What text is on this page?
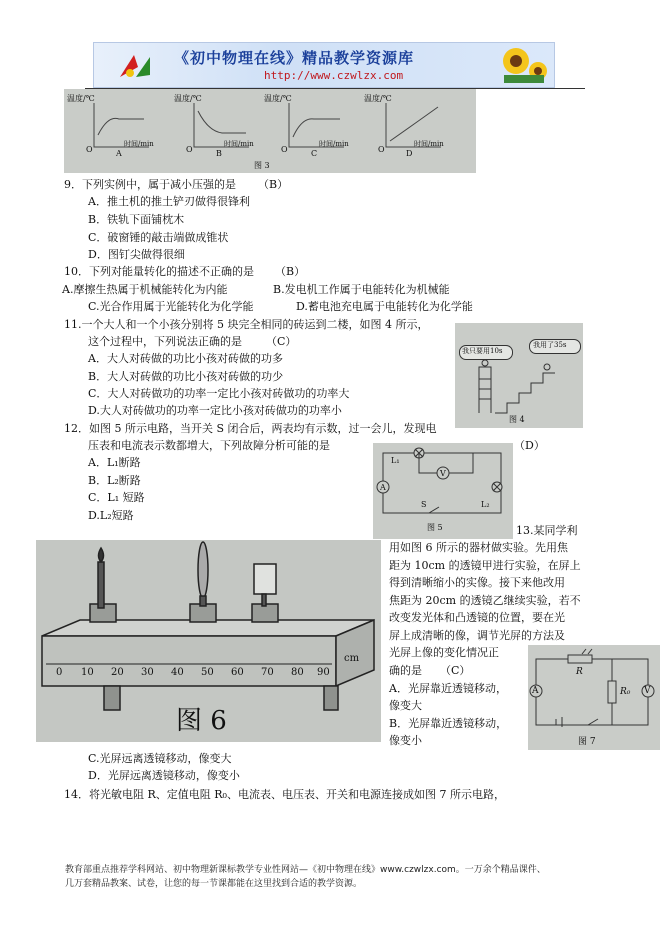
《初中物理在线》精品教学资源库
http://www.czwlzx.com
温度/℃	温度/℃	温度/℃	温度/℃
O	O	O	O
A	B	C	D
时间/min	时间/min	时间/min	时间/min
图 3
9．下列实例中，属于减小压强的是 （B）
A．推土机的推土铲刃做得很锋利
B．铁轨下面铺枕木
C．破窗锤的敲击端做成锥状
D．图钉尖做得很细
10．下列对能量转化的描述不正确的是 （B）
A.摩擦生热属于机械能转化为内能	B.发电机工作属于电能转化为机械能
C.光合作用属于光能转化为化学能	D.蓄电池充电属于电能转化为化学能
11.一个大人和一个小孩分别将 5 块完全相同的砖运到二楼，如图 4 所示，
这个过程中，下列说法正确的是 （C）
A．大人对砖做的功比小孩对砖做的功多
B．大人对砖做的功比小孩对砖做的功少
C．大人对砖做功的功率一定比小孩对砖做功的功率大
D.大人对砖做功的功率一定比小孩对砖做功的功率小
我只要用10s
我用了35s
图 4
12．如图 5 所示电路，当开关 S 闭合后，两表均有示数，过一会儿，发现电
压表和电流表示数都增大，下列故障分析可能的是	（D）
A．L₁断路
B．L₂断路
C．L₁ 短路
D.L₂短路
L₁
V
A
S	L₂
图 5
0 10 20 30 40 50 60 70 80 90
cm
图 6
13.某同学利
用如图 6 所示的器材做实验。先用焦
距为 10cm 的透镜甲进行实验，在屏上
得到清晰缩小的实像。接下来他改用
焦距为 20cm 的透镜乙继续实验，若不
改变发光体和凸透镜的位置，要在光
屏上成清晰的像，调节光屏的方法及
光屏上像的变化情况正
确的是 （C）
A．光屏靠近透镜移动，
像变大
B．光屏靠近透镜移动，
像变小
C.光屏远离透镜移动，像变大
D．光屏远离透镜移动，像变小
R
R₀
A	V
图 7
14．将光敏电阻 R、定值电阻 R₀、电流表、电压表、开关和电源连接成如图 7 所示电路，
教育部重点推荐学科网站、初中物理新课标教学专业性网站—《初中物理在线》www.czwlzx.com。一万余个精品课件、
几万套精品教案、试卷，让您的每一节课都能在这里找到合适的教学资源。
